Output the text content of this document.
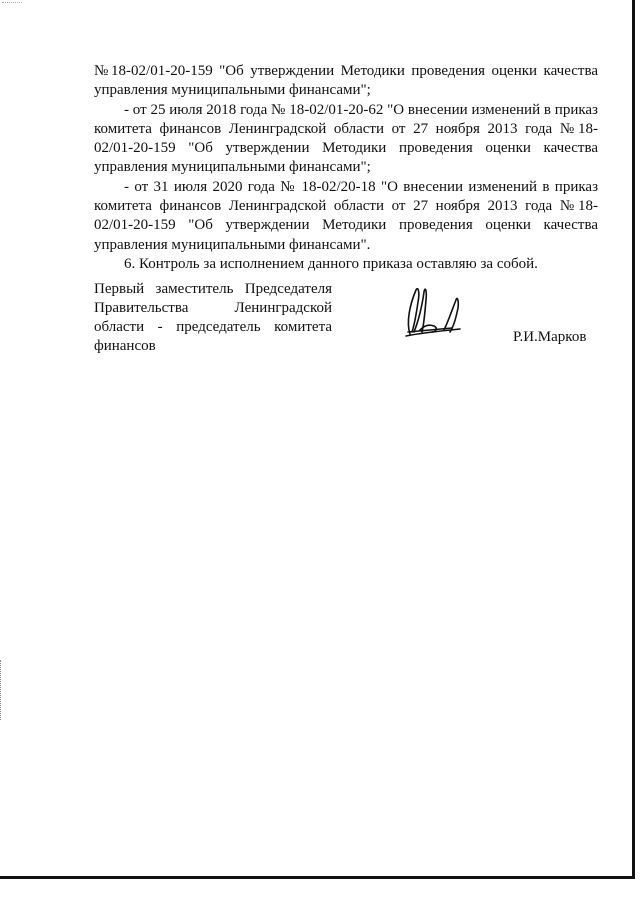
№18-02/01-20-159 "Об утверждении Методики проведения оценки качества управления муниципальными финансами";

- от 25 июля 2018 года № 18-02/01-20-62 "О внесении изменений в приказ комитета финансов Ленинградской области от 27 ноября 2013 года №18-02/01-20-159 "Об утверждении Методики проведения оценки качества управления муниципальными финансами";

- от 31 июля 2020 года № 18-02/20-18 "О внесении изменений в приказ комитета финансов Ленинградской области от 27 ноября 2013 года №18-02/01-20-159 "Об утверждении Методики проведения оценки качества управления муниципальными финансами".

6. Контроль за исполнением данного приказа оставляю за собой.

Первый заместитель Председателя
Правительства Ленинградской
области - председатель комитета
финансов
Р.И.Марков
